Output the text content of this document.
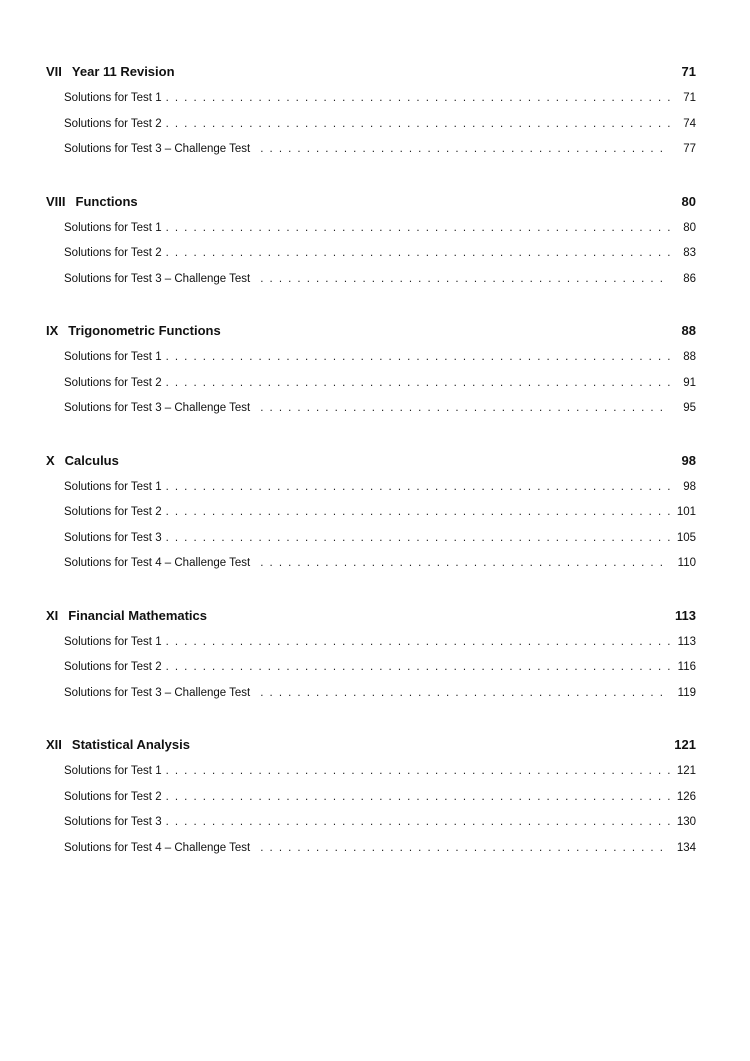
VII Year 11 Revision	71
Solutions for Test 1 . . .	71
Solutions for Test 2 . . .	74
Solutions for Test 3 – Challenge Test . . .	77
VIII Functions	80
Solutions for Test 1 . . .	80
Solutions for Test 2 . . .	83
Solutions for Test 3 – Challenge Test . . .	86
IX Trigonometric Functions	88
Solutions for Test 1 . . .	88
Solutions for Test 2 . . .	91
Solutions for Test 3 – Challenge Test . . .	95
X Calculus	98
Solutions for Test 1 . . .	98
Solutions for Test 2 . . .	101
Solutions for Test 3 . . .	105
Solutions for Test 4 – Challenge Test . . .	110
XI Financial Mathematics	113
Solutions for Test 1 . . .	113
Solutions for Test 2 . . .	116
Solutions for Test 3 – Challenge Test . . .	119
XII Statistical Analysis	121
Solutions for Test 1 . . .	121
Solutions for Test 2 . . .	126
Solutions for Test 3 . . .	130
Solutions for Test 4 – Challenge Test . . .	134
